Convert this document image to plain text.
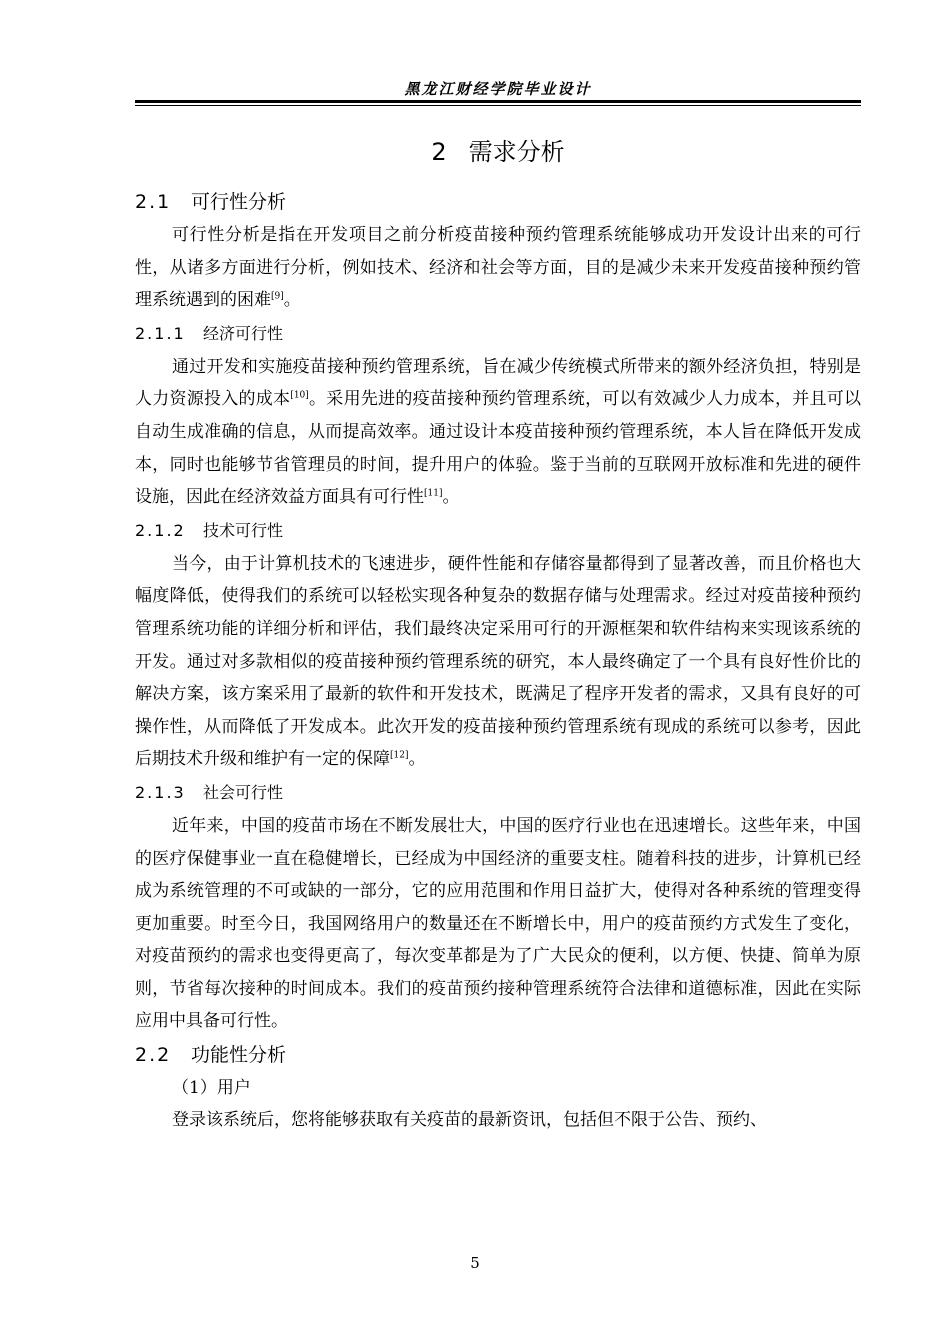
黑龙江财经学院毕业设计
2 需求分析
2.1 可行性分析

可行性分析是指在开发项目之前分析疫苗接种预约管理系统能够成功开发设计出来的可行性，从诸多方面进行分析，例如技术、经济和社会等方面，目的是减少未来开发疫苗接种预约管理系统遇到的困难[9]。

2.1.1 经济可行性

通过开发和实施疫苗接种预约管理系统，旨在减少传统模式所带来的额外经济负担，特别是人力资源投入的成本[10]。采用先进的疫苗接种预约管理系统，可以有效减少人力成本，并且可以自动生成准确的信息，从而提高效率。通过设计本疫苗接种预约管理系统，本人旨在降低开发成本，同时也能够节省管理员的时间，提升用户的体验。鉴于当前的互联网开放标准和先进的硬件设施，因此在经济效益方面具有可行性[11]。

2.1.2 技术可行性

当今，由于计算机技术的飞速进步，硬件性能和存储容量都得到了显著改善，而且价格也大幅度降低，使得我们的系统可以轻松实现各种复杂的数据存储与处理需求。经过对疫苗接种预约管理系统功能的详细分析和评估，我们最终决定采用可行的开源框架和软件结构来实现该系统的开发。通过对多款相似的疫苗接种预约管理系统的研究，本人最终确定了一个具有良好性价比的解决方案，该方案采用了最新的软件和开发技术，既满足了程序开发者的需求，又具有良好的可操作性，从而降低了开发成本。此次开发的疫苗接种预约管理系统有现成的系统可以参考，因此后期技术升级和维护有一定的保障[12]。

2.1.3 社会可行性

近年来，中国的疫苗市场在不断发展壮大，中国的医疗行业也在迅速增长。这些年来，中国的医疗保健事业一直在稳健增长，已经成为中国经济的重要支柱。随着科技的进步，计算机已经成为系统管理的不可或缺的一部分，它的应用范围和作用日益扩大，使得对各种系统的管理变得更加重要。时至今日，我国网络用户的数量还在不断增长中，用户的疫苗预约方式发生了变化，对疫苗预约的需求也变得更高了，每次变革都是为了广大民众的便利，以方便、快捷、简单为原则，节省每次接种的时间成本。我们的疫苗预约接种管理系统符合法律和道德标准，因此在实际应用中具备可行性。

2.2 功能性分析
（1）用户

登录该系统后，您将能够获取有关疫苗的最新资讯，包括但不限于公告、预约、

5
